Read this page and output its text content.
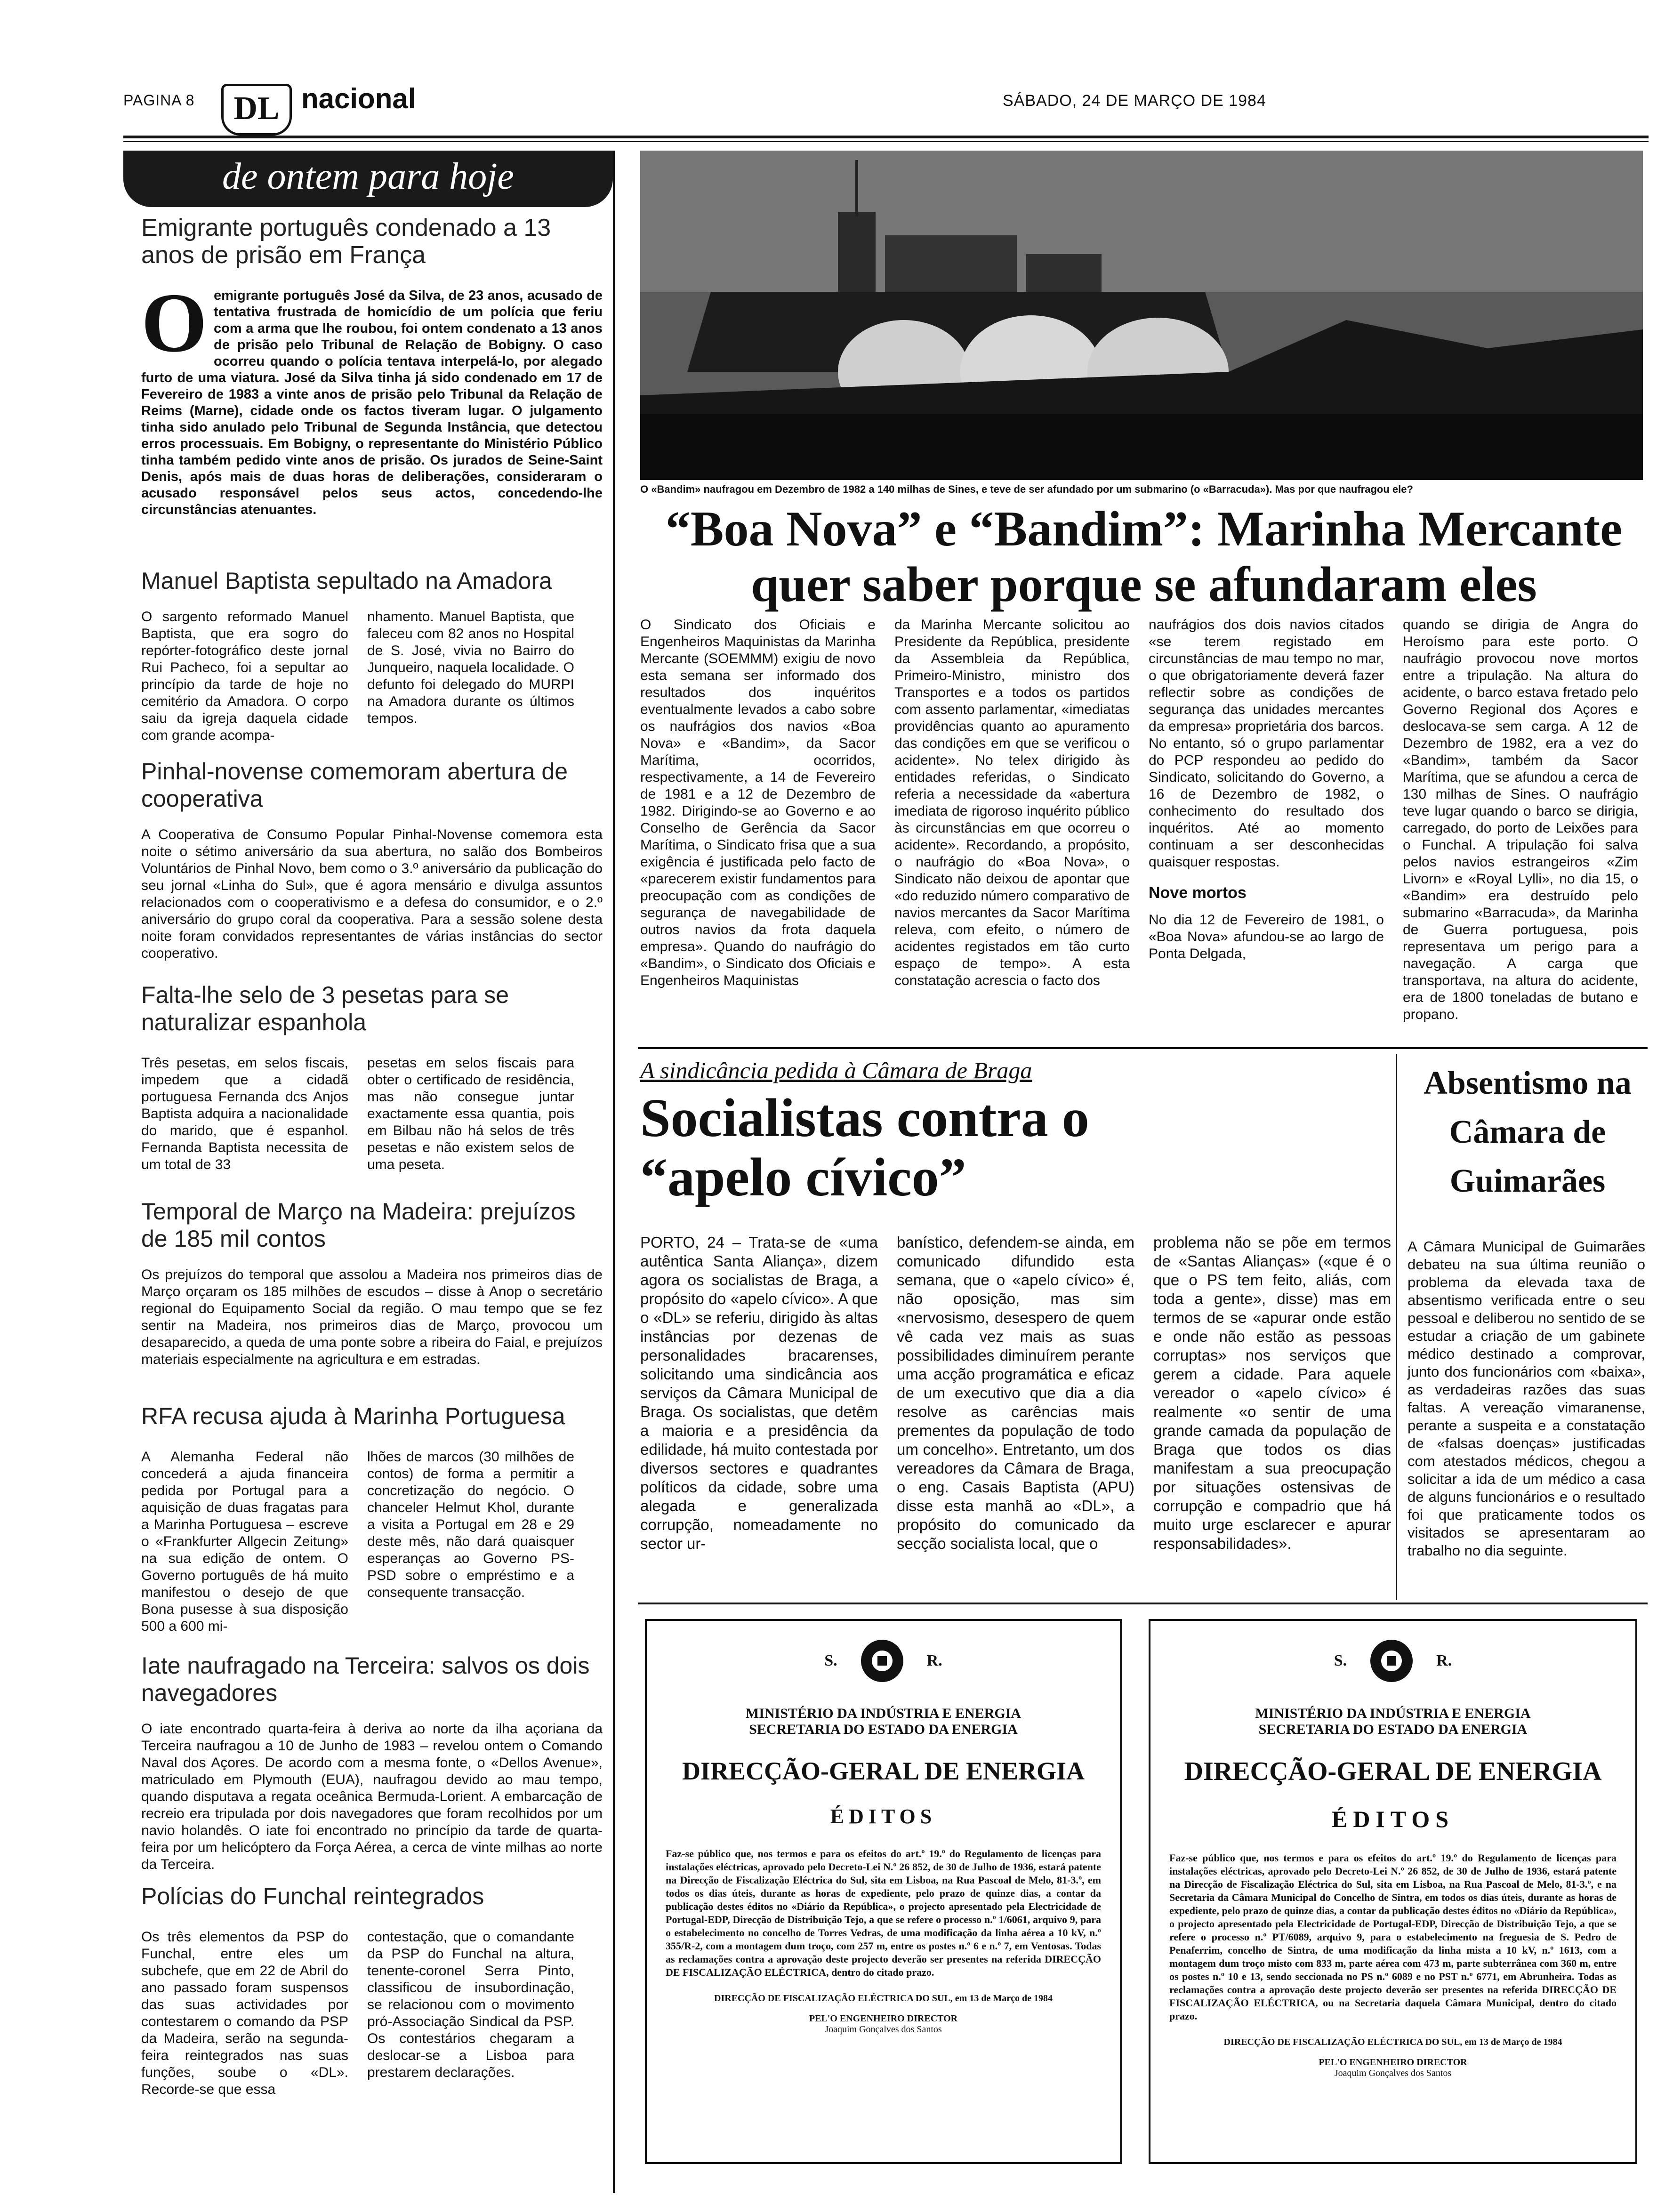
PAGINA 8	DL nacional	SÁBADO, 24 DE MARÇO DE 1984
de ontem para hoje
Emigrante português condenado a 13 anos de prisão em França
O emigrante português José da Silva, de 23 anos, acusado de tentativa frustrada de homicídio de um polícia que feriu com a arma que lhe roubou, foi ontem condenato a 13 anos de prisão pelo Tribunal de Relação de Bobigny. O caso ocorreu quando o polícia tentava interpelá-lo, por alegado furto de uma viatura. José da Silva tinha já sido condenado em 17 de Fevereiro de 1983 a vinte anos de prisão pelo Tribunal da Relação de Reims (Marne), cidade onde os factos tiveram lugar. O julgamento tinha sido anulado pelo Tribunal de Segunda Instância, que detectou erros processuais. Em Bobigny, o representante do Ministério Público tinha também pedido vinte anos de prisão. Os jurados de Seine-Saint Denis, após mais de duas horas de deliberações, consideraram o acusado responsável pelos seus actos, concedendo-lhe circunstâncias atenuantes.
Manuel Baptista sepultado na Amadora
O sargento reformado Manuel Baptista, que era sogro do repórter-fotográfico deste jornal Rui Pacheco, foi a sepultar ao princípio da tarde de hoje no cemitério da Amadora. O corpo saiu da igreja daquela cidade com grande acompa-
nhamento. Manuel Baptista, que faleceu com 82 anos no Hospital de S. José, vivia no Bairro do Junqueiro, naquela localidade. O defunto foi delegado do MURPI na Amadora durante os últimos tempos.
Pinhal-novense comemoram abertura de cooperativa
A Cooperativa de Consumo Popular Pinhal-Novense comemora esta noite o sétimo aniversário da sua abertura, no salão dos Bombeiros Voluntários de Pinhal Novo, bem como o 3.º aniversário da publicação do seu jornal «Linha do Sul», que é agora mensário e divulga assuntos relacionados com o cooperativismo e a defesa do consumidor, e o 2.º aniversário do grupo coral da cooperativa. Para a sessão solene desta noite foram convidados representantes de várias instâncias do sector cooperativo.
Falta-lhe selo de 3 pesetas para se naturalizar espanhola
Três pesetas, em selos fiscais, impedem que a cidadã portuguesa Fernanda dcs Anjos Baptista adquira a nacionalidade do marido, que é espanhol. Fernanda Baptista necessita de um total de 33
pesetas em selos fiscais para obter o certificado de residência, mas não consegue juntar exactamente essa quantia, pois em Bilbau não há selos de três pesetas e não existem selos de uma peseta.
Temporal de Março na Madeira: prejuízos de 185 mil contos
Os prejuízos do temporal que assolou a Madeira nos primeiros dias de Março orçaram os 185 milhões de escudos – disse à Anop o secretário regional do Equipamento Social da região. O mau tempo que se fez sentir na Madeira, nos primeiros dias de Março, provocou um desaparecido, a queda de uma ponte sobre a ribeira do Faial, e prejuízos materiais especialmente na agricultura e em estradas.
RFA recusa ajuda à Marinha Portuguesa
A Alemanha Federal não concederá a ajuda financeira pedida por Portugal para a aquisição de duas fragatas para a Marinha Portuguesa – escreve o «Frankfurter Allgecin Zeitung» na sua edição de ontem. O Governo português de há muito manifestou o desejo de que Bona pusesse à sua disposição 500 a 600 mi-
lhões de marcos (30 milhões de contos) de forma a permitir a concretização do negócio. O chanceler Helmut Khol, durante a visita a Portugal em 28 e 29 deste mês, não dará quaisquer esperanças ao Governo PS-PSD sobre o empréstimo e a consequente transacção.
Iate naufragado na Terceira: salvos os dois navegadores
O iate encontrado quarta-feira à deriva ao norte da ilha açoriana da Terceira naufragou a 10 de Junho de 1983 – revelou ontem o Comando Naval dos Açores. De acordo com a mesma fonte, o «Dellos Avenue», matriculado em Plymouth (EUA), naufragou devido ao mau tempo, quando disputava a regata oceânica Bermuda-Lorient. A embarcação de recreio era tripulada por dois navegadores que foram recolhidos por um navio holandês. O iate foi encontrado no princípio da tarde de quarta-feira por um helicóptero da Força Aérea, a cerca de vinte milhas ao norte da Terceira.
Polícias do Funchal reintegrados
Os três elementos da PSP do Funchal, entre eles um subchefe, que em 22 de Abril do ano passado foram suspensos das suas actividades por contestarem o comando da PSP da Madeira, serão na segunda-feira reintegrados nas suas funções, soube o «DL». Recorde-se que essa
contestação, que o comandante da PSP do Funchal na altura, tenente-coronel Serra Pinto, classificou de insubordinação, se relacionou com o movimento pró-Associação Sindical da PSP. Os contestários chegaram a deslocar-se a Lisboa para prestarem declarações.
O «Bandim» naufragou em Dezembro de 1982 a 140 milhas de Sines, e teve de ser afundado por um submarino (o «Barracuda»). Mas por que naufragou ele?
“Boa Nova” e “Bandim”: Marinha Mercante quer saber porque se afundaram eles
O Sindicato dos Oficiais e Engenheiros Maquinistas da Marinha Mercante (SOEMMM) exigiu de novo esta semana ser informado dos resultados dos inquéritos eventualmente levados a cabo sobre os naufrágios dos navios «Boa Nova» e «Bandim», da Sacor Marítima, ocorridos, respectivamente, a 14 de Fevereiro de 1981 e a 12 de Dezembro de 1982. Dirigindo-se ao Governo e ao Conselho de Gerência da Sacor Marítima, o Sindicato frisa que a sua exigência é justificada pelo facto de «parecerem existir fundamentos para preocupação com as condições de segurança de navegabilidade de outros navios da frota daquela empresa». Quando do naufrágio do «Bandim», o Sindicato dos Oficiais e Engenheiros Maquinistas
da Marinha Mercante solicitou ao Presidente da República, presidente da Assembleia da República, Primeiro-Ministro, ministro dos Transportes e a todos os partidos com assento parlamentar, «imediatas providências quanto ao apuramento das condições em que se verificou o acidente». No telex dirigido às entidades referidas, o Sindicato referia a necessidade da «abertura imediata de rigoroso inquérito público às circunstâncias em que ocorreu o acidente». Recordando, a propósito, o naufrágio do «Boa Nova», o Sindicato não deixou de apontar que «do reduzido número comparativo de navios mercantes da Sacor Marítima releva, com efeito, o número de acidentes registados em tão curto espaço de tempo». A esta constatação acrescia o facto dos
naufrágios dos dois navios citados «se terem registado em circunstâncias de mau tempo no mar, o que obrigatoriamente deverá fazer reflectir sobre as condições de segurança das unidades mercantes da empresa» proprietária dos barcos. No entanto, só o grupo parlamentar do PCP respondeu ao pedido do Sindicato, solicitando do Governo, a 16 de Dezembro de 1982, o conhecimento do resultado dos inquéritos. Até ao momento continuam a ser desconhecidas quaisquer respostas.
Nove mortos
No dia 12 de Fevereiro de 1981, o «Boa Nova» afundou-se ao largo de Ponta Delgada,
quando se dirigia de Angra do Heroísmo para este porto. O naufrágio provocou nove mortos entre a tripulação. Na altura do acidente, o barco estava fretado pelo Governo Regional dos Açores e deslocava-se sem carga. A 12 de Dezembro de 1982, era a vez do «Bandim», também da Sacor Marítima, que se afundou a cerca de 130 milhas de Sines. O naufrágio teve lugar quando o barco se dirigia, carregado, do porto de Leixões para o Funchal. A tripulação foi salva pelos navios estrangeiros «Zim Livorn» e «Royal Lylli», no dia 15, o «Bandim» era destruído pelo submarino «Barracuda», da Marinha de Guerra portuguesa, pois representava um perigo para a navegação. A carga que transportava, na altura do acidente, era de 1800 toneladas de butano e propano.
A sindicância pedida à Câmara de Braga
Socialistas contra o “apelo cívico”
PORTO, 24 – Trata-se de «uma autêntica Santa Aliança», dizem agora os socialistas de Braga, a propósito do «apelo cívico». A que o «DL» se referiu, dirigido às altas instâncias por dezenas de personalidades bracarenses, solicitando uma sindicância aos serviços da Câmara Municipal de Braga. Os socialistas, que detêm a maioria e a presidência da edilidade, há muito contestada por diversos sectores e quadrantes políticos da cidade, sobre uma alegada e generalizada corrupção, nomeadamente no sector ur-
banístico, defendem-se ainda, em comunicado difundido esta semana, que o «apelo cívico» é, não oposição, mas sim «nervosismo, desespero de quem vê cada vez mais as suas possibilidades diminuírem perante uma acção programática e eficaz de um executivo que dia a dia resolve as carências mais prementes da população de todo um concelho». Entretanto, um dos vereadores da Câmara de Braga, o eng. Casais Baptista (APU) disse esta manhã ao «DL», a propósito do comunicado da secção socialista local, que o
problema não se põe em termos de «Santas Alianças» («que é o que o PS tem feito, aliás, com toda a gente», disse) mas em termos de se «apurar onde estão e onde não estão as pessoas corruptas» nos serviços que gerem a cidade. Para aquele vereador o «apelo cívico» é realmente «o sentir de uma grande camada da população de Braga que todos os dias manifestam a sua preocupação por situações ostensivas de corrupção e compadrio que há muito urge esclarecer e apurar responsabilidades».
Absentismo na Câmara de Guimarães
A Câmara Municipal de Guimarães debateu na sua última reunião o problema da elevada taxa de absentismo verificada entre o seu pessoal e deliberou no sentido de se estudar a criação de um gabinete médico destinado a comprovar, junto dos funcionários com «baixa», as verdadeiras razões das suas faltas. A vereação vimaranense, perante a suspeita e a constatação de «falsas doenças» justificadas com atestados médicos, chegou a solicitar a ida de um médico a casa de alguns funcionários e o resultado foi que praticamente todos os visitados se apresentaram ao trabalho no dia seguinte.
S.	R.
MINISTÉRIO DA INDÚSTRIA E ENERGIA
SECRETARIA DO ESTADO DA ENERGIA
DIRECÇÃO-GERAL DE ENERGIA
ÉDITOS
Faz-se público que, nos termos e para os efeitos do art.º 19.º do Regulamento de licenças para instalações eléctricas, aprovado pelo Decreto-Lei N.º 26 852, de 30 de Julho de 1936, estará patente na Direcção de Fiscalização Eléctrica do Sul, sita em Lisboa, na Rua Pascoal de Melo, 81-3.º, em todos os dias úteis, durante as horas de expediente, pelo prazo de quinze dias, a contar da publicação destes éditos no «Diário da República», o projecto apresentado pela Electricidade de Portugal-EDP, Direcção de Distribuição Tejo, a que se refere o processo n.º 1/6061, arquivo 9, para o estabelecimento no concelho de Torres Vedras, de uma modificação da linha aérea a 10 kV, n.º 355/R-2, com a montagem dum troço, com 257 m, entre os postes n.º 6 e n.º 7, em Ventosas. Todas as reclamações contra a aprovação deste projecto deverão ser presentes na referida DIRECÇÃO DE FISCALIZAÇÃO ELÉCTRICA, dentro do citado prazo.
DIRECÇÃO DE FISCALIZAÇÃO ELÉCTRICA DO SUL, em 13 de Março de 1984
PEL'O ENGENHEIRO DIRECTOR
Joaquim Gonçalves dos Santos
S.	R.
MINISTÉRIO DA INDÚSTRIA E ENERGIA
SECRETARIA DO ESTADO DA ENERGIA
DIRECÇÃO-GERAL DE ENERGIA
ÉDITOS
Faz-se público que, nos termos e para os efeitos do art.º 19.º do Regulamento de licenças para instalações eléctricas, aprovado pelo Decreto-Lei N.º 26 852, de 30 de Julho de 1936, estará patente na Direcção de Fiscalização Eléctrica do Sul, sita em Lisboa, na Rua Pascoal de Melo, 81-3.º, e na Secretaria da Câmara Municipal do Concelho de Sintra, em todos os dias úteis, durante as horas de expediente, pelo prazo de quinze dias, a contar da publicação destes éditos no «Diário da República», o projecto apresentado pela Electricidade de Portugal-EDP, Direcção de Distribuição Tejo, a que se refere o processo n.º PT/6089, arquivo 9, para o estabelecimento na freguesia de S. Pedro de Penaferrim, concelho de Sintra, de uma modificação da linha mista a 10 kV, n.º 1613, com a montagem dum troço misto com 833 m, parte aérea com 473 m, parte subterrânea com 360 m, entre os postes n.º 10 e 13, sendo seccionada no PS n.º 6089 e no PST n.º 6771, em Abrunheira. Todas as reclamações contra a aprovação deste projecto deverão ser presentes na referida DIRECÇÃO DE FISCALIZAÇÃO ELÉCTRICA, ou na Secretaria daquela Câmara Municipal, dentro do citado prazo.
DIRECÇÃO DE FISCALIZAÇÃO ELÉCTRICA DO SUL, em 13 de Março de 1984
PEL'O ENGENHEIRO DIRECTOR
Joaquim Gonçalves dos Santos
